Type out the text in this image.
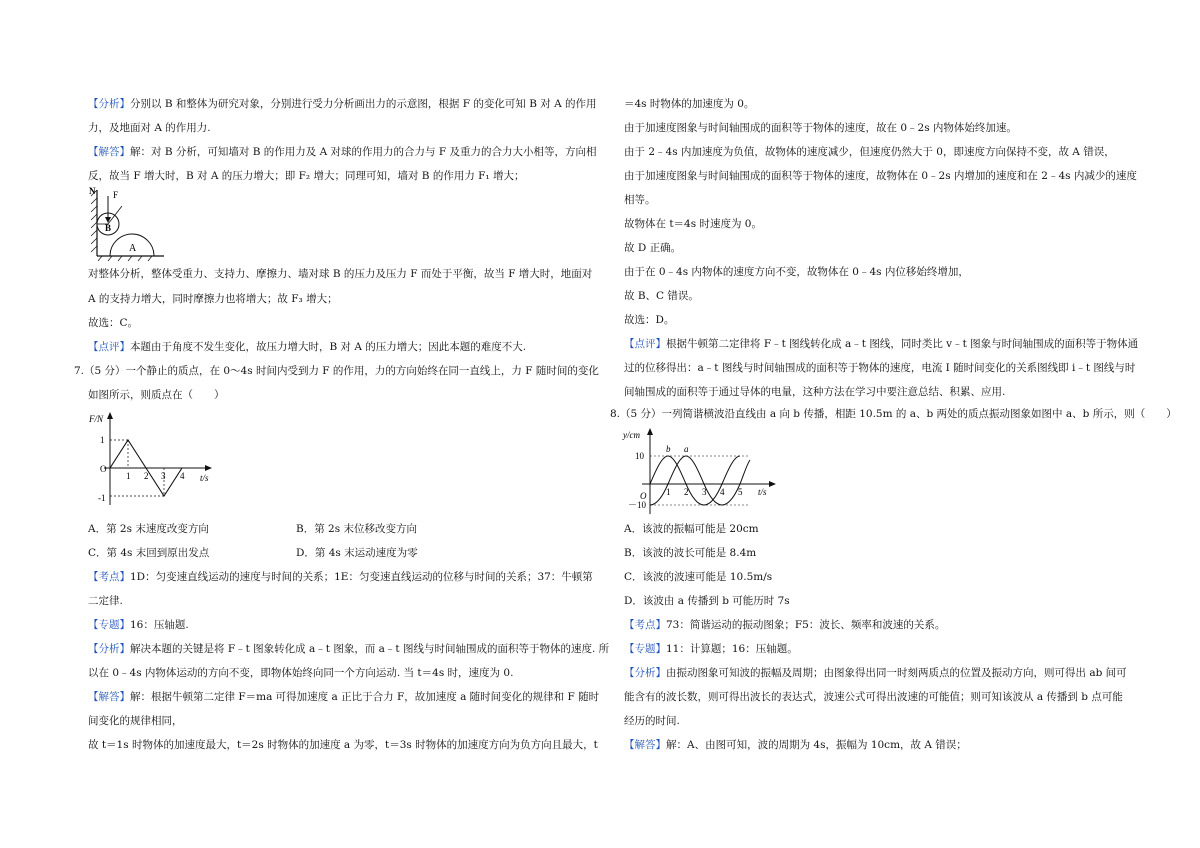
【分析】分别以 B 和整体为研究对象，分别进行受力分析画出力的示意图，根据 F 的变化可知 B 对 A 的作用
力，及地面对 A 的作用力.
【解答】解：对 B 分析，可知墙对 B 的作用力及 A 对球的作用力的合力与 F 及重力的合力大小相等，方向相
反，故当 F 增大时，B 对 A 的压力增大；即 F₂ 增大；同理可知，墙对 B 的作用力 F₁ 增大；
N F
B
A
对整体分析，整体受重力、支持力、摩擦力、墙对球 B 的压力及压力 F 而处于平衡，故当 F 增大时，地面对
A 的支持力增大，同时摩擦力也将增大；故 F₃ 增大；
故选：C。
【点评】本题由于角度不发生变化，故压力增大时，B 对 A 的压力增大；因此本题的难度不大.
7.（5 分）一个静止的质点，在 0～4s 时间内受到力 F 的作用，力的方向始终在同一直线上，力 F 随时间的变化
如图所示，则质点在（　　）
F/N
t/s
O
1
-1
1 2 3 4
A．第 2s 末速度改变方向	B．第 2s 末位移改变方向
C．第 4s 末回到原出发点	D．第 4s 末运动速度为零
【考点】1D：匀变速直线运动的速度与时间的关系；1E：匀变速直线运动的位移与时间的关系；37：牛顿第
二定律.
【专题】16：压轴题.
【分析】解决本题的关键是将 F﹣t 图象转化成 a﹣t 图象，而 a﹣t 图线与时间轴围成的面积等于物体的速度. 所
以在 0﹣4s 内物体运动的方向不变，即物体始终向同一个方向运动. 当 t＝4s 时，速度为 0.
【解答】解：根据牛顿第二定律 F＝ma 可得加速度 a 正比于合力 F，故加速度 a 随时间变化的规律和 F 随时
间变化的规律相同，
故 t＝1s 时物体的加速度最大，t＝2s 时物体的加速度 a 为零，t＝3s 时物体的加速度方向为负方向且最大，t
＝4s 时物体的加速度为 0。
由于加速度图象与时间轴围成的面积等于物体的速度，故在 0﹣2s 内物体始终加速。
由于 2﹣4s 内加速度为负值，故物体的速度减少，但速度仍然大于 0，即速度方向保持不变，故 A 错误，
由于加速度图象与时间轴围成的面积等于物体的速度，故物体在 0﹣2s 内增加的速度和在 2﹣4s 内减少的速度
相等。
故物体在 t＝4s 时速度为 0。
故 D 正确。
由于在 0﹣4s 内物体的速度方向不变，故物体在 0﹣4s 内位移始终增加，
故 B、C 错误。
故选：D。
【点评】根据牛顿第二定律将 F﹣t 图线转化成 a﹣t 图线，同时类比 v﹣t 图象与时间轴围成的面积等于物体通
过的位移得出：a﹣t 图线与时间轴围成的面积等于物体的速度，电流 I 随时间变化的关系图线即 i﹣t 图线与时
间轴围成的面积等于通过导体的电量，这种方法在学习中要注意总结、积累、应用.
8.（5 分）一列简谐横波沿直线由 a 向 b 传播，相距 10.5m 的 a、b 两处的质点振动图象如图中 a、b 所示，则（　　）
y/cm
t/s
O
10
－10
1 2 3 4 5
b a
A．该波的振幅可能是 20cm
B．该波的波长可能是 8.4m
C．该波的波速可能是 10.5m/s
D．该波由 a 传播到 b 可能历时 7s
【考点】73：简谐运动的振动图象；F5：波长、频率和波速的关系。
【专题】11：计算题；16：压轴题。
【分析】由振动图象可知波的振幅及周期；由图象得出同一时刻两质点的位置及振动方向，则可得出 ab 间可
能含有的波长数，则可得出波长的表达式，波速公式可得出波速的可能值；则可知该波从 a 传播到 b 点可能
经历的时间.
【解答】解：A、由图可知，波的周期为 4s，振幅为 10cm，故 A 错误；
